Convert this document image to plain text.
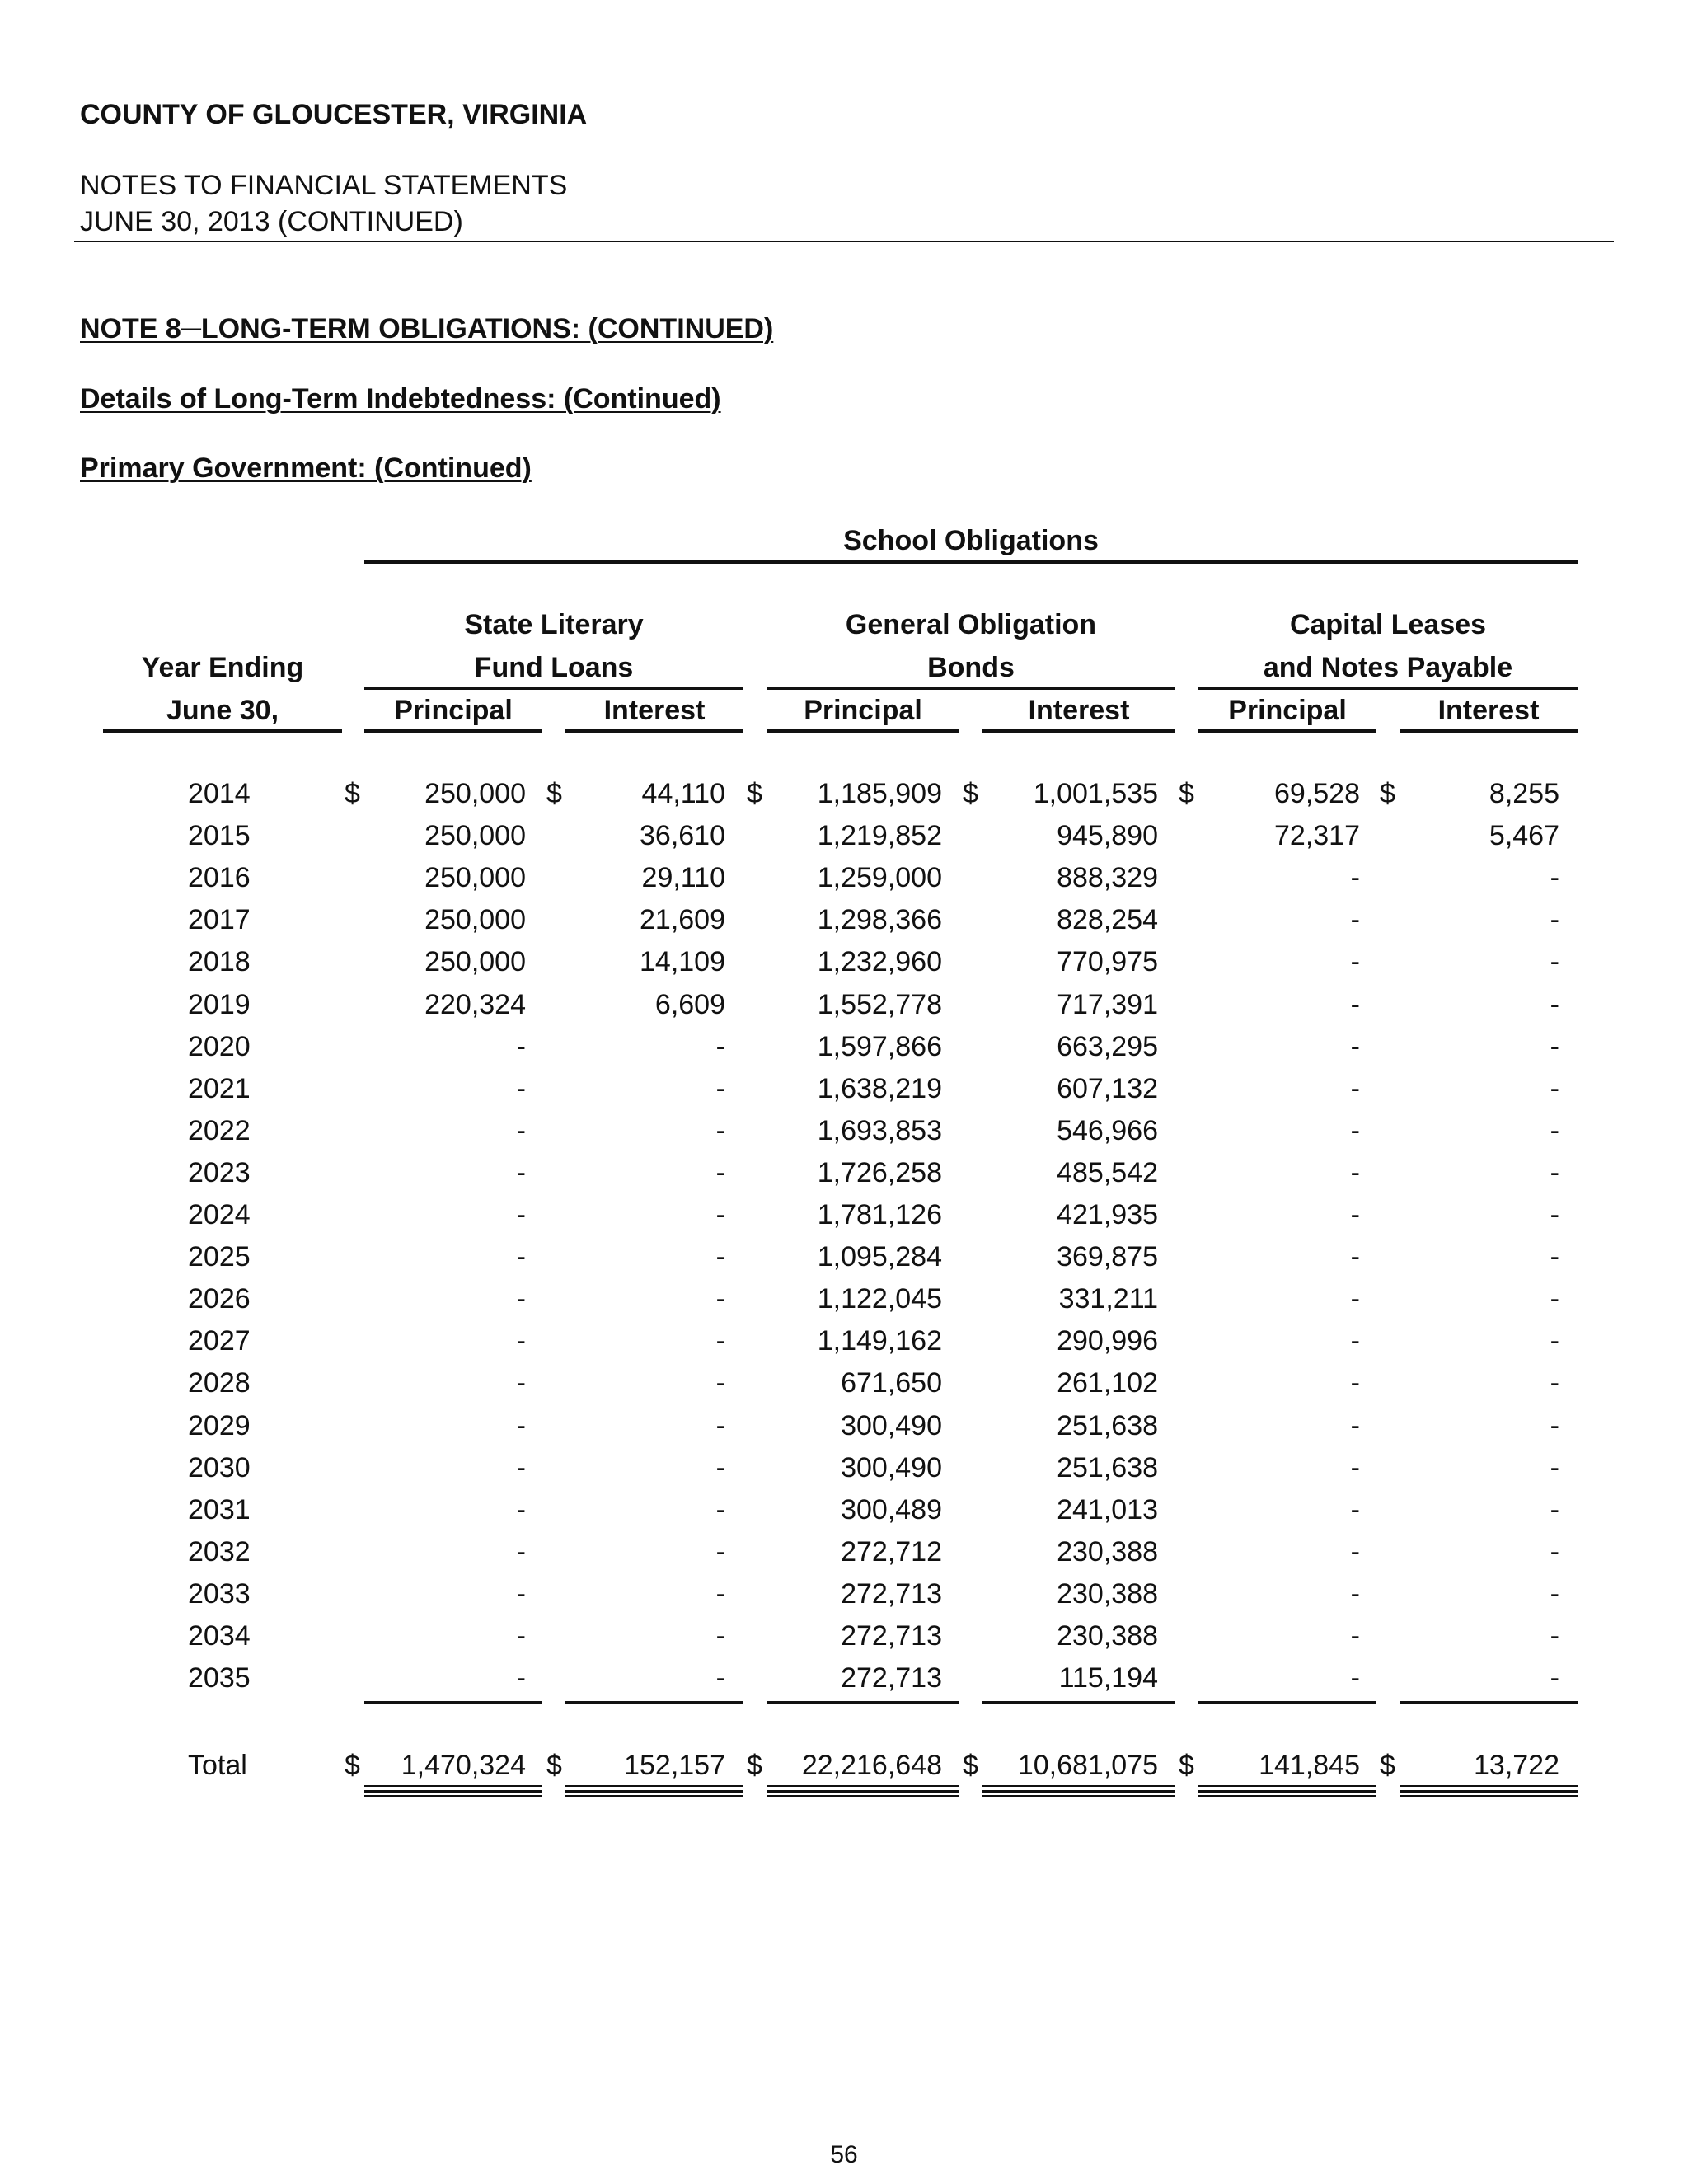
COUNTY OF GLOUCESTER, VIRGINIA
NOTES TO FINANCIAL STATEMENTS
JUNE 30, 2013 (CONTINUED)
NOTE 8─LONG-TERM OBLIGATIONS: (CONTINUED)
Details of Long-Term Indebtedness: (Continued)
Primary Government: (Continued)
School Obligations
Year Ending
June 30,
State Literary
Fund Loans
General Obligation
Bonds
Capital Leases
and Notes Payable
Principal	Interest	Principal	Interest	Principal	Interest
2014	$	250,000 $	44,110 $	1,185,909 $	1,001,535 $	69,528 $	8,255
2015	250,000	36,610	1,219,852	945,890	72,317	5,467
2016	250,000	29,110	1,259,000	888,329	-	-
2017	250,000	21,609	1,298,366	828,254	-	-
2018	250,000	14,109	1,232,960	770,975	-	-
2019	220,324	6,609	1,552,778	717,391	-	-
2020	-	-	1,597,866	663,295	-	-
2021	-	-	1,638,219	607,132	-	-
2022	-	-	1,693,853	546,966	-	-
2023	-	-	1,726,258	485,542	-	-
2024	-	-	1,781,126	421,935	-	-
2025	-	-	1,095,284	369,875	-	-
2026	-	-	1,122,045	331,211	-	-
2027	-	-	1,149,162	290,996	-	-
2028	-	-	671,650	261,102	-	-
2029	-	-	300,490	251,638	-	-
2030	-	-	300,490	251,638	-	-
2031	-	-	300,489	241,013	-	-
2032	-	-	272,712	230,388	-	-
2033	-	-	272,713	230,388	-	-
2034	-	-	272,713	230,388	-	-
2035	-	-	272,713	115,194	-	-
Total	$	1,470,324 $	152,157 $	22,216,648 $	10,681,075 $	141,845 $	13,722
56
